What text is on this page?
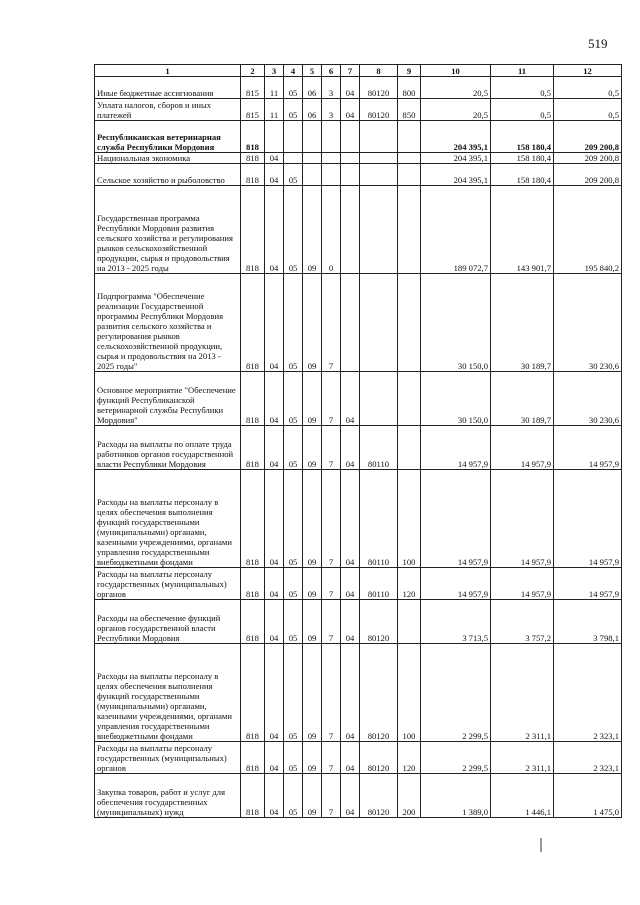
519
1	2	3	4	5	6	7	8	9	10	11	12
Иные бюджетные ассигнования	815	11	05	06	3	04	80120	800	20,5	0,5	0,5
Уплата налогов, сборов и иных платежей	815	11	05	06	3	04	80120	850	20,5	0,5	0,5
Республиканская ветеринарная служба Республики Мордовия	818								204 395,1	158 180,4	209 200,8
Национальная экономика	818	04							204 395,1	158 180,4	209 200,8
Сельское хозяйство и рыболовство	818	04	05						204 395,1	158 180,4	209 200,8
Государственная программа Республики Мордовия развития сельского хозяйства и регулирования рынков сельскохозяйственной продукции, сырья и продовольствия на 2013 - 2025 годы	818	04	05	09	0				189 072,7	143 901,7	195 840,2
Подпрограмма "Обеспечение реализации Государственной программы Республики Мордовия развития сельского хозяйства и регулирования рынков сельскохозяйственной продукции, сырья и продовольствия на 2013 - 2025 годы"	818	04	05	09	7				30 150,0	30 189,7	30 230,6
Основное мероприятие "Обеспечение функций Республиканской ветеринарной службы Республики Мордовия"	818	04	05	09	7	04			30 150,0	30 189,7	30 230,6
Расходы на выплаты по оплате труда работников органов государственной власти Республики Мордовия	818	04	05	09	7	04	80110		14 957,9	14 957,9	14 957,9
Расходы на выплаты персоналу в целях обеспечения выполнения функций государственными (муниципальными) органами, казенными учреждениями, органами управления государственными внебюджетными фондами	818	04	05	09	7	04	80110	100	14 957,9	14 957,9	14 957,9
Расходы на выплаты персоналу государственных (муниципальных) органов	818	04	05	09	7	04	80110	120	14 957,9	14 957,9	14 957,9
Расходы на обеспечение функций органов государственной власти Республики Мордовия	818	04	05	09	7	04	80120		3 713,5	3 757,2	3 798,1
Расходы на выплаты персоналу в целях обеспечения выполнения функций государственными (муниципальными) органами, казенными учреждениями, органами управления государственными внебюджетными фондами	818	04	05	09	7	04	80120	100	2 299,5	2 311,1	2 323,1
Расходы на выплаты персоналу государственных (муниципальных) органов	818	04	05	09	7	04	80120	120	2 299,5	2 311,1	2 323,1
Закупка товаров, работ и услуг для обеспечения государственных (муниципальных) нужд	818	04	05	09	7	04	80120	200	1 389,0	1 446,1	1 475,0
